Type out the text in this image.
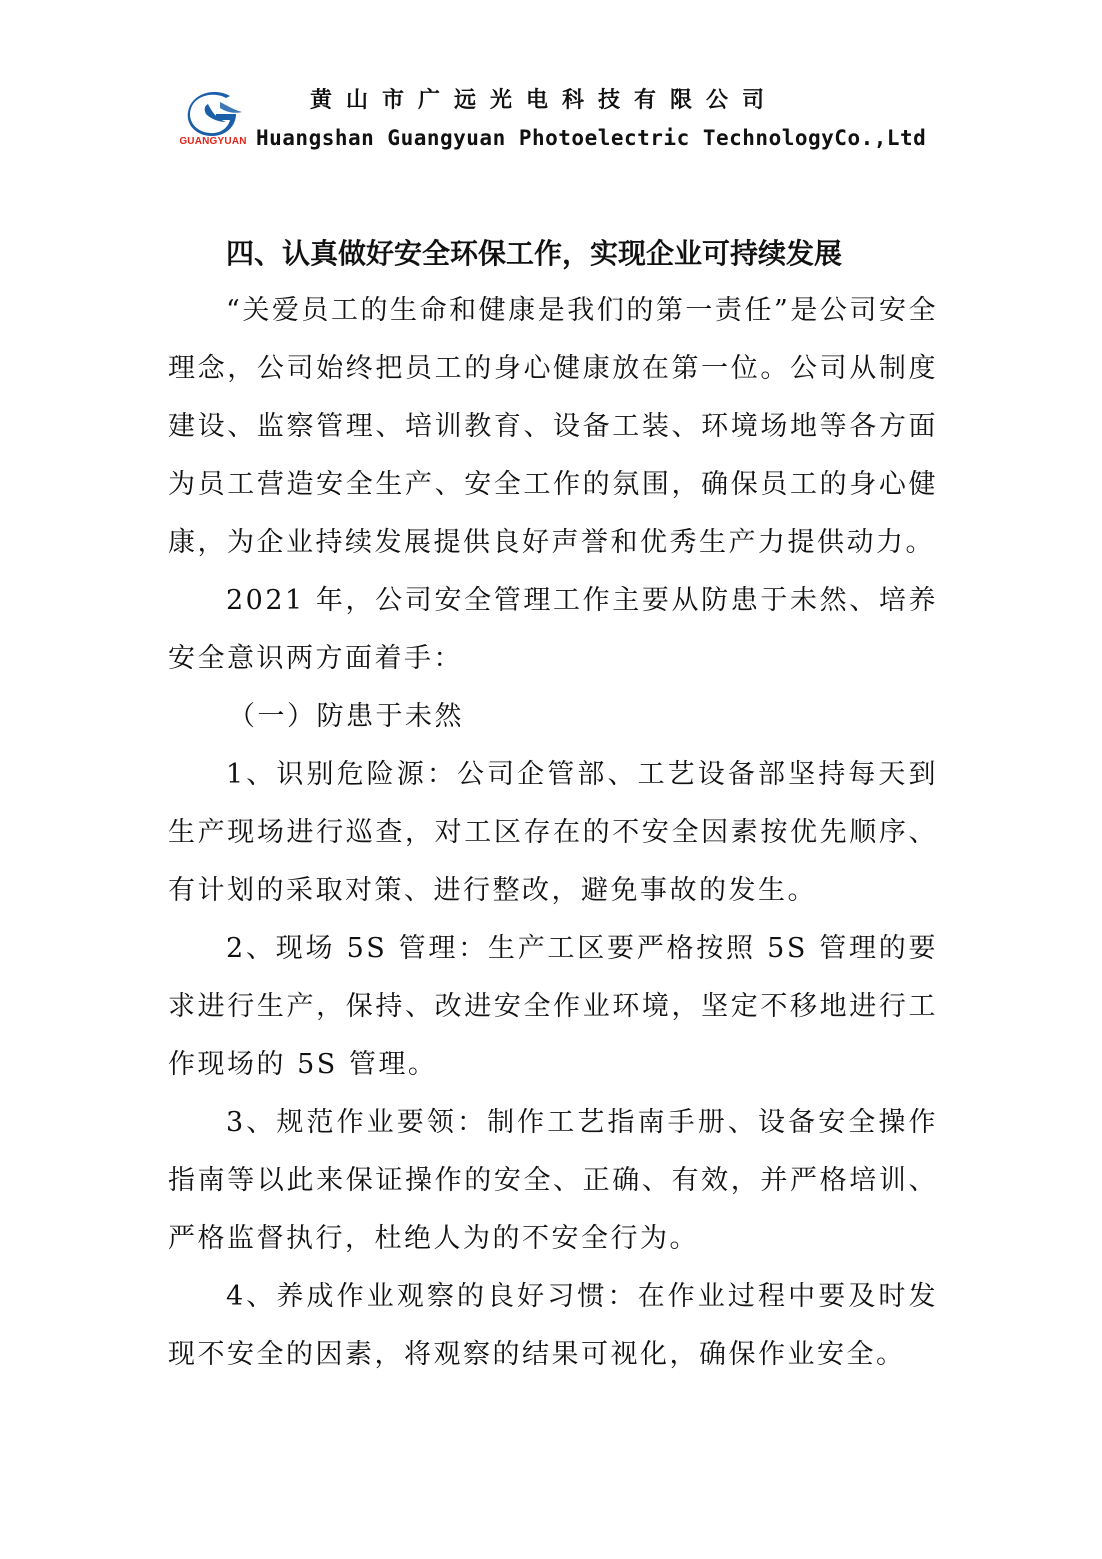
GUANGYUAN
黄山市广远光电科技有限公司
Huangshan Guangyuan Photoelectric TechnologyCo.,Ltd
四、认真做好安全环保工作，实现企业可持续发展

“关爱员工的生命和健康是我们的第一责任”是公司安全理念，公司始终把员工的身心健康放在第一位。公司从制度建设、监察管理、培训教育、设备工装、环境场地等各方面为员工营造安全生产、安全工作的氛围，确保员工的身心健康，为企业持续发展提供良好声誉和优秀生产力提供动力。

2021 年，公司安全管理工作主要从防患于未然、培养安全意识两方面着手：

（一）防患于未然

1、识别危险源：公司企管部、工艺设备部坚持每天到生产现场进行巡查，对工区存在的不安全因素按优先顺序、有计划的采取对策、进行整改，避免事故的发生。

2、现场 5S 管理：生产工区要严格按照 5S 管理的要求进行生产，保持、改进安全作业环境，坚定不移地进行工作现场的 5S 管理。

3、规范作业要领：制作工艺指南手册、设备安全操作指南等以此来保证操作的安全、正确、有效，并严格培训、严格监督执行，杜绝人为的不安全行为。

4、养成作业观察的良好习惯：在作业过程中要及时发现不安全的因素，将观察的结果可视化，确保作业安全。
